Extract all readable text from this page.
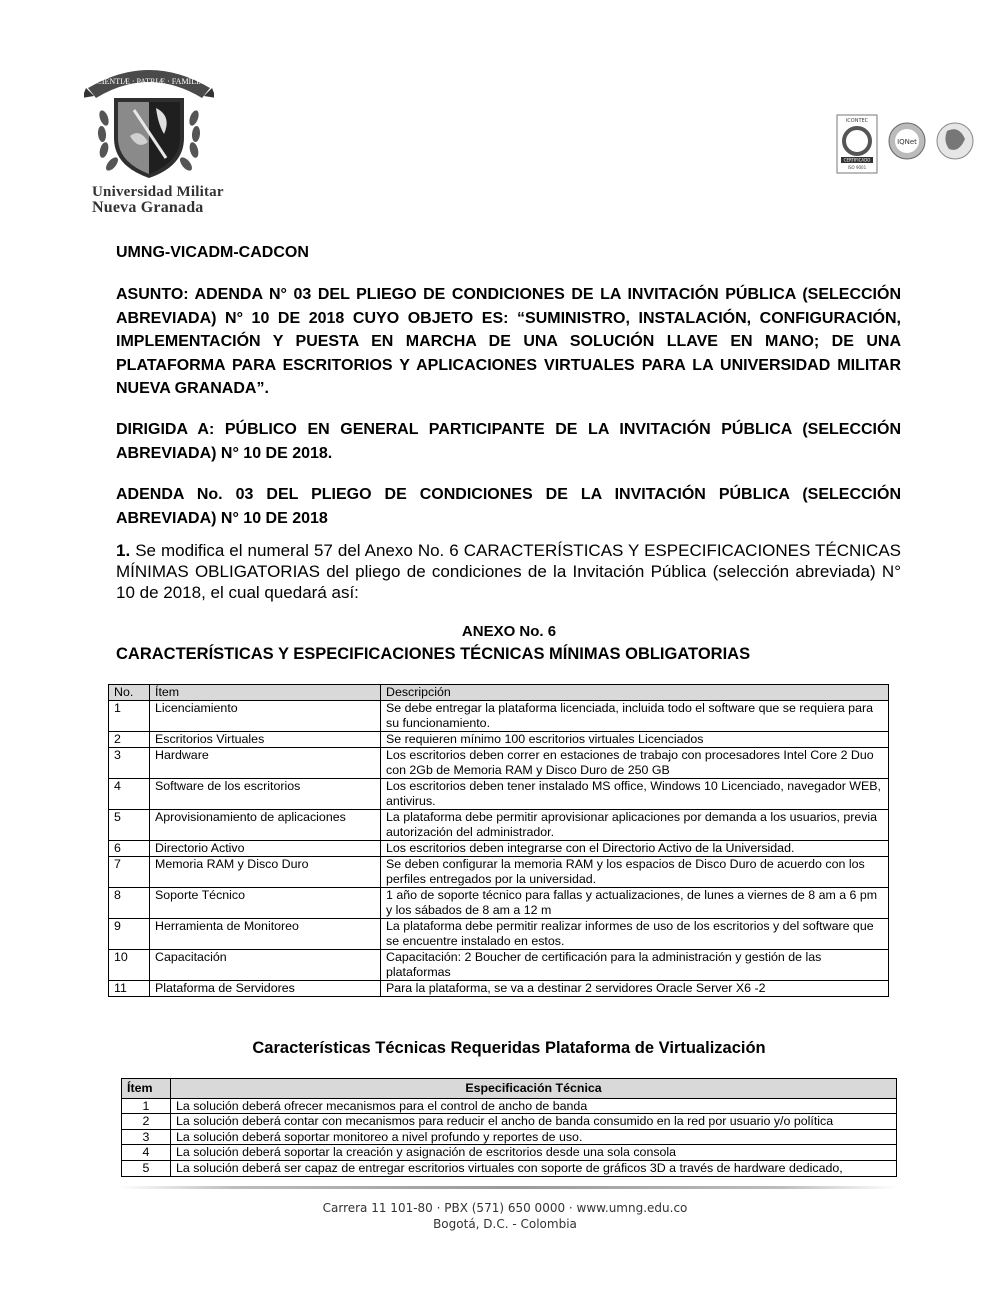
SCIENTIÆ · PATRIÆ · FAMILIÆ
Universidad Militar
Nueva Granada
ICONTEC
CERTIFICADO
ISO 9001
IQNet
UMNG-VICADM-CADCON
ASUNTO: ADENDA N° 03 DEL PLIEGO DE CONDICIONES DE LA INVITACIÓN PÚBLICA (SELECCIÓN ABREVIADA) N° 10 DE 2018 CUYO OBJETO ES: “SUMINISTRO, INSTALACIÓN, CONFIGURACIÓN, IMPLEMENTACIÓN Y PUESTA EN MARCHA DE UNA SOLUCIÓN LLAVE EN MANO; DE UNA PLATAFORMA PARA ESCRITORIOS Y APLICACIONES VIRTUALES PARA LA UNIVERSIDAD MILITAR NUEVA GRANADA”.
DIRIGIDA A: PÚBLICO EN GENERAL PARTICIPANTE DE LA INVITACIÓN PÚBLICA (SELECCIÓN ABREVIADA) N° 10 DE 2018.
ADENDA No. 03 DEL PLIEGO DE CONDICIONES DE LA INVITACIÓN PÚBLICA (SELECCIÓN ABREVIADA) N° 10 DE 2018
1. Se modifica el numeral 57 del Anexo No. 6 CARACTERÍSTICAS Y ESPECIFICACIONES TÉCNICAS MÍNIMAS OBLIGATORIAS del pliego de condiciones de la Invitación Pública (selección abreviada) N° 10 de 2018, el cual quedará así:
ANEXO No. 6
CARACTERÍSTICAS Y ESPECIFICACIONES TÉCNICAS MÍNIMAS OBLIGATORIAS
No.	Ítem	Descripción
1	Licenciamiento	Se debe entregar la plataforma licenciada, incluida todo el software que se requiera para su funcionamiento.
2	Escritorios Virtuales	Se requieren mínimo 100 escritorios virtuales Licenciados
3	Hardware	Los escritorios deben correr en estaciones de trabajo con procesadores Intel Core 2 Duo con 2Gb de Memoria RAM y Disco Duro de 250 GB
4	Software de los escritorios	Los escritorios deben tener instalado MS office, Windows 10 Licenciado, navegador WEB, antivirus.
5	Aprovisionamiento de aplicaciones	La plataforma debe permitir aprovisionar aplicaciones por demanda a los usuarios, previa autorización del administrador.
6	Directorio Activo	Los escritorios deben integrarse con el Directorio Activo de la Universidad.
7	Memoria RAM y Disco Duro	Se deben configurar la memoria RAM y los espacios de Disco Duro de acuerdo con los perfiles entregados por la universidad.
8	Soporte Técnico	1 año de soporte técnico para fallas y actualizaciones, de lunes a viernes de 8 am a 6 pm y los sábados de 8 am a 12 m
9	Herramienta de Monitoreo	La plataforma debe permitir realizar informes de uso de los escritorios y del software que se encuentre instalado en estos.
10	Capacitación	Capacitación: 2 Boucher de certificación para la administración y gestión de las plataformas
11	Plataforma de Servidores	Para la plataforma, se va a destinar 2 servidores Oracle Server X6 -2
Características Técnicas Requeridas Plataforma de Virtualización
Ítem	Especificación Técnica
1	La solución deberá ofrecer mecanismos para el control de ancho de banda
2	La solución deberá contar con mecanismos para reducir el ancho de banda consumido en la red por usuario y/o política
3	La solución deberá soportar monitoreo a nivel profundo y reportes de uso.
4	La solución deberá soportar la creación y asignación de escritorios desde una sola consola
5	La solución deberá ser capaz de entregar escritorios virtuales con soporte de gráficos 3D a través de hardware dedicado,
Carrera 11 101-80 · PBX (571) 650 0000 · www.umng.edu.co
Bogotá, D.C. - Colombia
